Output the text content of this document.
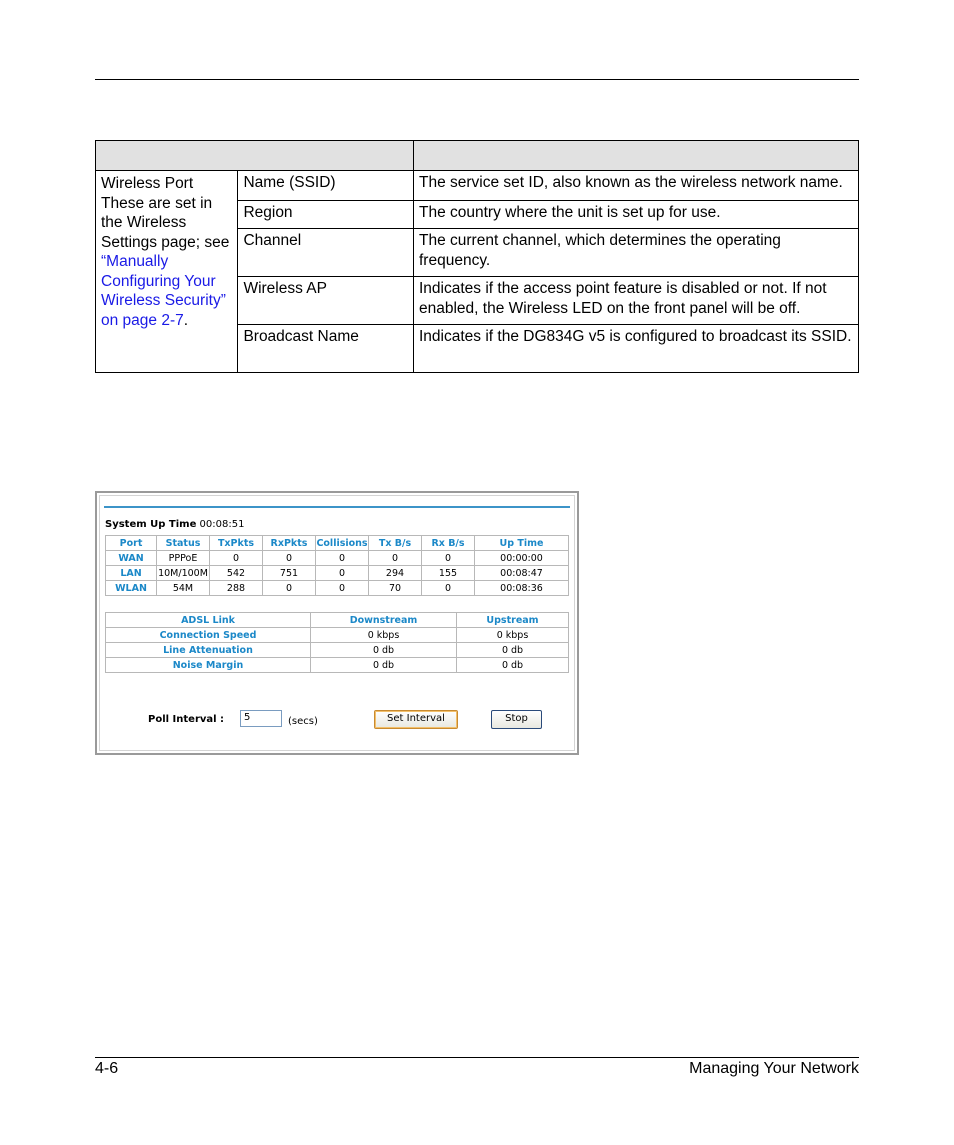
Wireless Port
These are set in the Wireless Settings page; see “Manually Configuring Your Wireless Security” on page 2-7.	Name (SSID)	The service set ID, also known as the wireless network name.
	Region	The country where the unit is set up for use.
	Channel	The current channel, which determines the operating frequency.
	Wireless AP	Indicates if the access point feature is disabled or not. If not enabled, the Wireless LED on the front panel will be off.
	Broadcast Name	Indicates if the DG834G v5 is configured to broadcast its SSID.
System Up Time 00:08:51
Port	Status	TxPkts	RxPkts	Collisions	Tx B/s	Rx B/s	Up Time
WAN	PPPoE	0	0	0	0	0	00:00:00
LAN	10M/100M	542	751	0	294	155	00:08:47
WLAN	54M	288	0	0	70	0	00:08:36
ADSL Link	Downstream	Upstream
Connection Speed	0 kbps	0 kbps
Line Attenuation	0 db	0 db
Noise Margin	0 db	0 db
Poll Interval :	5	(secs)	Set Interval	Stop
4-6	Managing Your Network
